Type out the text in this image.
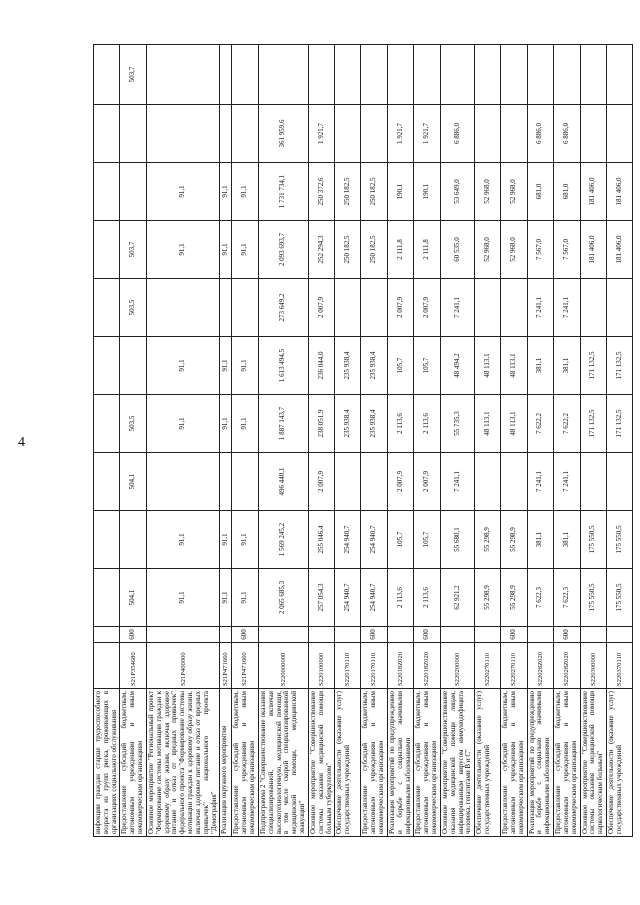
4
инфекции граждан старше трудоспособного возраста из групп риска, проживающих в организациях социального обслуживания												
Предоставление субсидий бюджетным, автономным учреждениям и иным некоммерческим организациям	S21P354680	600	504,1		504,1	503,5		503,5	503,7			503,7
Основное мероприятие "Региональный проект "Формирование системы мотивации граждан к здоровому образу жизни, включая здоровое питание и отказ от вредных привычек" федерального проекта "Формирование системы мотивации граждан к здоровому образу жизни, включая здоровое питание и отказ от вредных привычек" национального проекта "Демография"	S21P400000		91,1	91,1		91,1	91,1		91,1	91,1		
Реализация окружного мероприятия	S21P471660		91,1	91,1		91,1	91,1		91,1	91,1		
Предоставление субсидий бюджетным, автономным учреждениям и иным некоммерческим организациям	S21P471660	600	91,1	91,1		91,1	91,1		91,1	91,1		
Подпрограмма 2 "Совершенствование оказания специализированной, включая высокотехнологичную, медицинской помощи, в том числе скорой специализированной медицинской помощи, медицинской эвакуации"	S220000000		2 065 685,3	1 569 245,2	496 440,1	1 887 143,7	1 613 494,5	273 649,2	2 093 693,7	1 731 734,1	361 959,6	
Основное мероприятие "Совершенствование системы оказания медицинской помощи больным туберкулезом"	S220100000		257 054,3	255 046,4	2 007,9	238 051,9	236 044,0	2 007,9	252 294,3	250 372,6	1 921,7	
Обеспечение деятельности (оказание услуг) государственных учреждений	S220170110		254 940,7	254 940,7		235 938,4	235 938,4		250 182,5	250 182,5		
Предоставление субсидий бюджетным, автономным учреждениям и иным некоммерческим организациям	S220170110	600	254 940,7	254 940,7		235 938,4	235 938,4		250 182,5	250 182,5		
Реализация мероприятий по предупреждению и борьбе с социально значимыми инфекционными заболеваниями	S22018Z020		2 113,6	105,7	2 007,9	2 113,6	105,7	2 007,9	2 111,8	190,1	1 921,7	
Предоставление субсидий бюджетным, автономным учреждениям и иным некоммерческим организациям	S22018Z020	600	2 113,6	105,7	2 007,9	2 113,6	105,7	2 007,9	2 111,8	190,1	1 921,7	
Основное мероприятие "Совершенствование оказания медицинской помощи лицам, инфицированным вирусом иммунодефицита человека, гепатитами В и С"	S220200000		62 921,2	55 680,1	7 241,1	55 735,3	48 494,2	7 241,1	60 535,0	53 649,0	6 886,0	
Обеспечение деятельности (оказание услуг) государственных учреждений	S220270110		55 298,9	55 298,9		48 113,1	48 113,1		52 968,0	52 968,0		
Предоставление субсидий бюджетным, автономным учреждениям и иным некоммерческим организациям	S220270110	600	55 298,9	55 298,9		48 113,1	48 113,1		52 968,0	52 968,0		
Реализация мероприятий по предупреждению и борьбе с социально значимыми инфекционными заболеваниями	S22028Z020		7 622,3	381,1	7 241,1	7 622,2	381,1	7 241,1	7 567,0	681,0	6 886,0	
Предоставление субсидий бюджетным, автономным учреждениям и иным некоммерческим организациям	S22028Z020	600	7 622,3	381,1	7 241,1	7 622,2	381,1	7 241,1	7 567,0	681,0	6 886,0	
Основное мероприятие "Совершенствование системы оказания медицинской помощи наркологическим больным"	S220300000		175 550,5	175 550,5		171 132,5	171 132,5		181 406,0	181 406,0		
Обеспечение деятельности (оказание услуг) государственных учреждений	S220370110		175 550,5	175 550,5		171 132,5	171 132,5		181 406,0	181 406,0		
